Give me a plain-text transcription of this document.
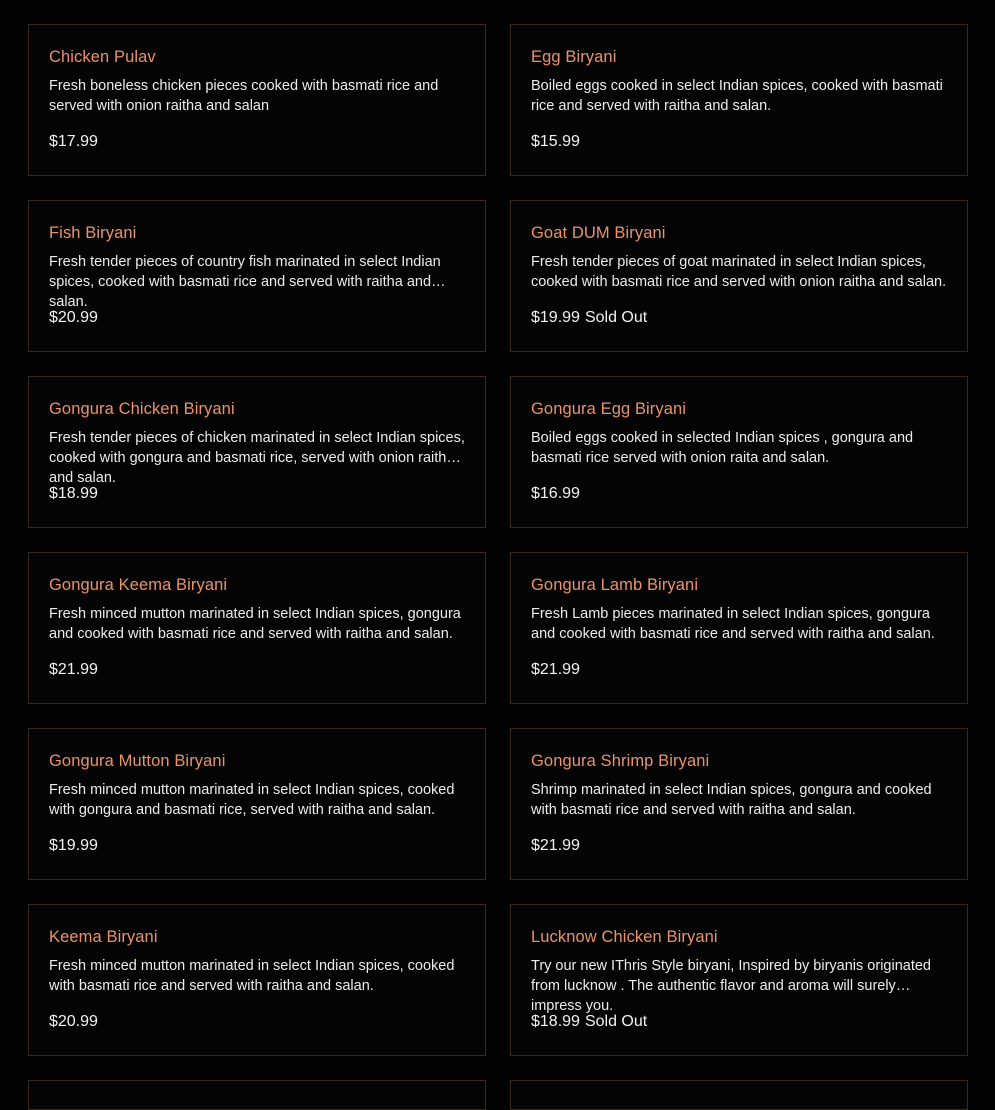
Chicken Pulav
Fresh boneless chicken pieces cooked with basmati rice and served with onion raitha and salan
$17.99
Egg Biryani
Boiled eggs cooked in select Indian spices, cooked with basmati rice and served with raitha and salan.
$15.99
Fish Biryani
Fresh tender pieces of country fish marinated in select Indian spices, cooked with basmati rice and served with raitha and salan.
$20.99
Goat DUM Biryani
Fresh tender pieces of goat marinated in select Indian spices, cooked with basmati rice and served with onion raitha and salan.
$19.99 Sold Out
Gongura Chicken Biryani
Fresh tender pieces of chicken marinated in select Indian spices, cooked with gongura and basmati rice, served with onion raitha and salan.
$18.99
Gongura Egg Biryani
Boiled eggs cooked in selected Indian spices , gongura and basmati rice served with onion raita and salan.
$16.99
Gongura Keema Biryani
Fresh minced mutton marinated in select Indian spices, gongura and cooked with basmati rice and served with raitha and salan.
$21.99
Gongura Lamb Biryani
Fresh Lamb pieces marinated in select Indian spices, gongura and cooked with basmati rice and served with raitha and salan.
$21.99
Gongura Mutton Biryani
Fresh minced mutton marinated in select Indian spices, cooked with gongura and basmati rice, served with raitha and salan.
$19.99
Gongura Shrimp Biryani
Shrimp marinated in select Indian spices, gongura and cooked with basmati rice and served with raitha and salan.
$21.99
Keema Biryani
Fresh minced mutton marinated in select Indian spices, cooked with basmati rice and served with raitha and salan.
$20.99
Lucknow Chicken Biryani
Try our new IThris Style biryani, Inspired by biryanis originated from lucknow . The authentic flavor and aroma will surely impress you.
$18.99 Sold Out
